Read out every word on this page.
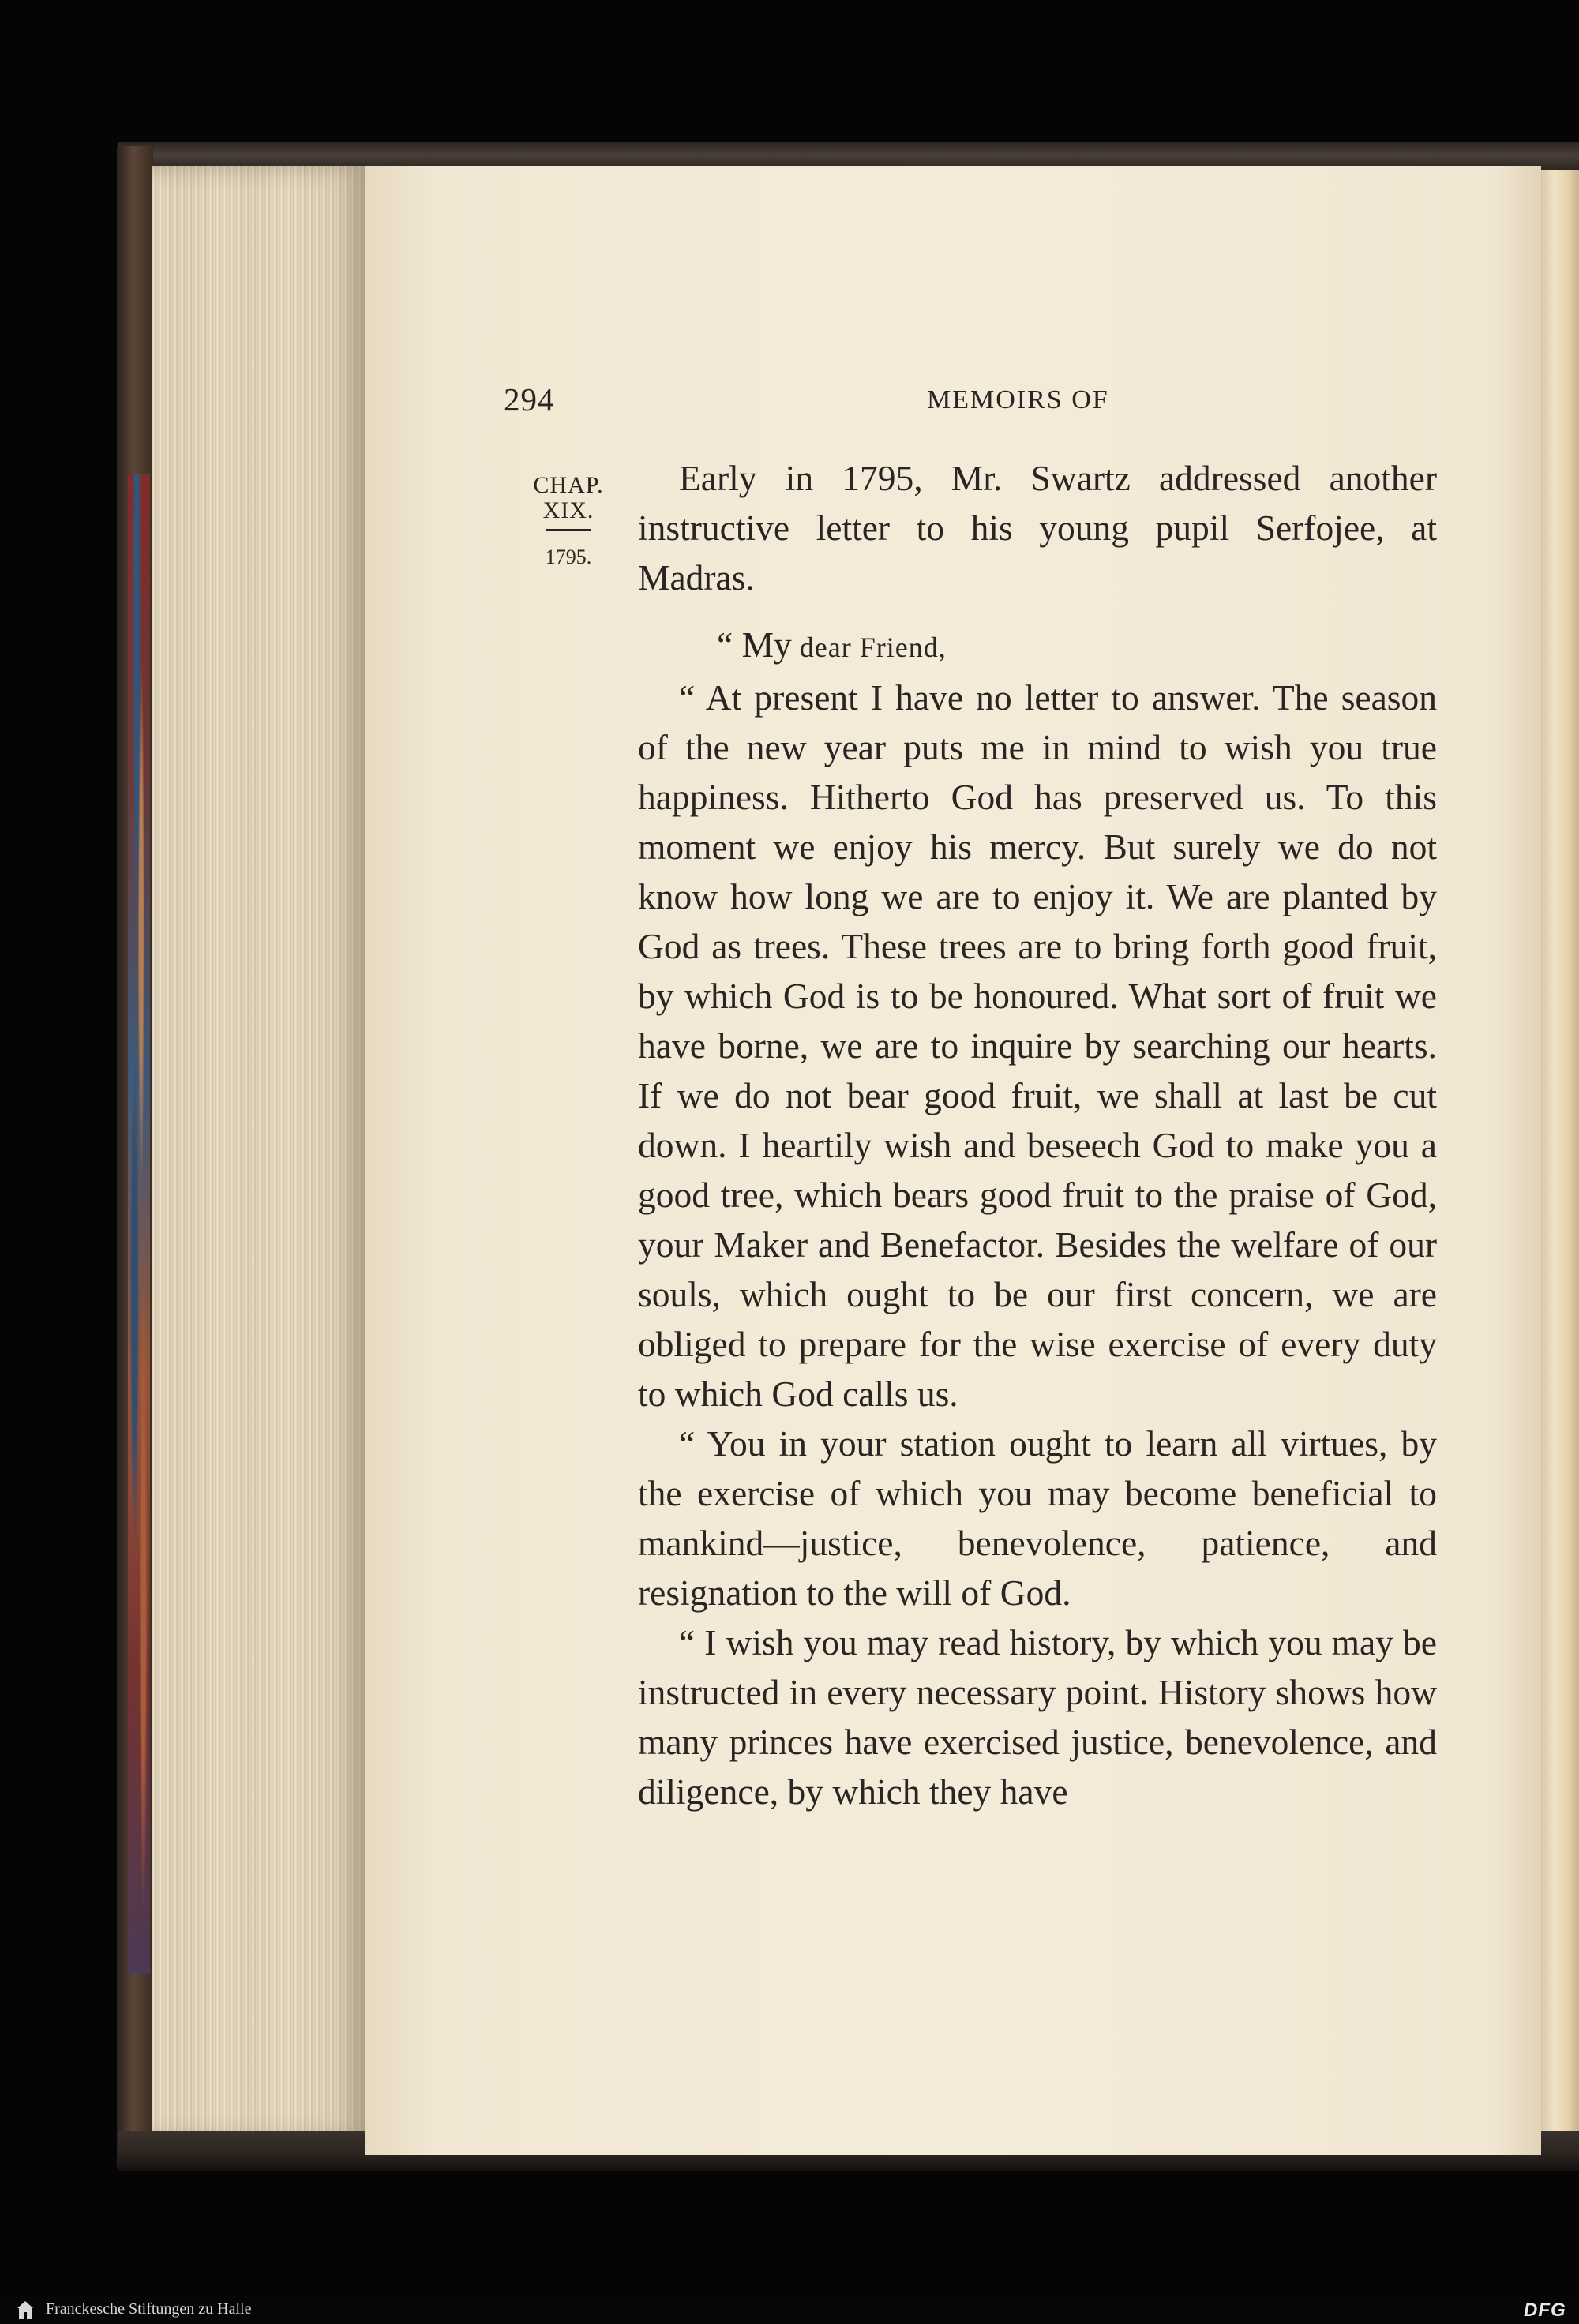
294	MEMOIRS OF
CHAP.
XIX.
1795.

Early in 1795, Mr. Swartz addressed another instructive letter to his young pupil Serfojee, at Madras.

“ My dear Friend,

“ At present I have no letter to answer. The season of the new year puts me in mind to wish you true happiness. Hitherto God has preserved us. To this moment we enjoy his mercy. But surely we do not know how long we are to enjoy it. We are planted by God as trees. These trees are to bring forth good fruit, by which God is to be honoured. What sort of fruit we have borne, we are to inquire by searching our hearts. If we do not bear good fruit, we shall at last be cut down. I heartily wish and beseech God to make you a good tree, which bears good fruit to the praise of God, your Maker and Benefactor. Besides the welfare of our souls, which ought to be our first concern, we are obliged to prepare for the wise exercise of every duty to which God calls us.

“ You in your station ought to learn all virtues, by the exercise of which you may become beneficial to mankind—justice, benevolence, patience, and resignation to the will of God.

“ I wish you may read history, by which you may be instructed in every necessary point. History shows how many princes have exercised justice, benevolence, and diligence, by which they have

Franckesche Stiftungen zu Halle	DFG
